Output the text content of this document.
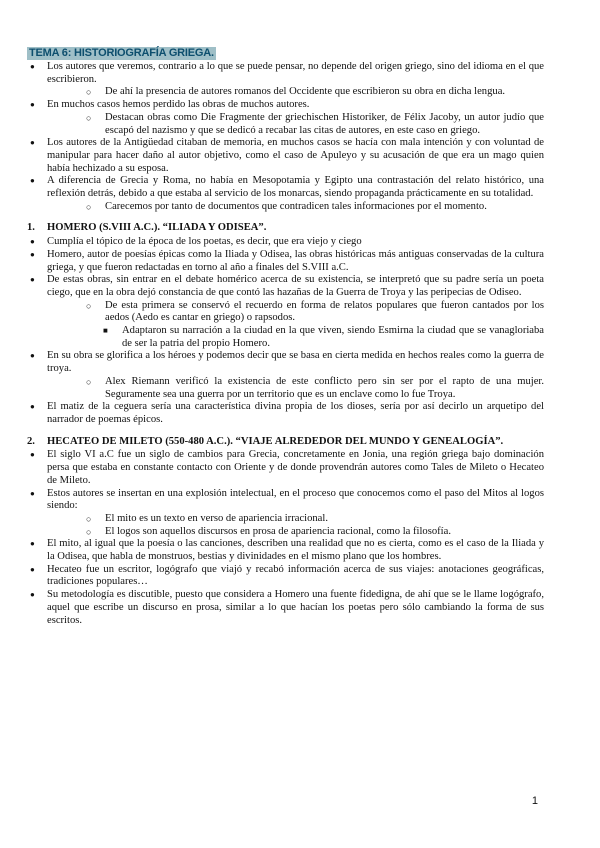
TEMA 6: HISTORIOGRAFÍA GRIEGA.
● Los autores que veremos, contrario a lo que se puede pensar, no depende del origen griego, sino del idioma en el que escribieron.
○ De ahí la presencia de autores romanos del Occidente que escribieron su obra en dicha lengua.
● En muchos casos hemos perdido las obras de muchos autores.
○ Destacan obras como Die Fragmente der griechischen Historiker, de Félix Jacoby, un autor judío que escapó del nazismo y que se dedicó a recabar las citas de autores, en este caso en griego.
● Los autores de la Antigüedad citaban de memoria, en muchos casos se hacía con mala intención y con voluntad de manipular para hacer daño al autor objetivo, como el caso de Apuleyo y su acusación de que era un mago quien había hechizado a su esposa.
● A diferencia de Grecia y Roma, no había en Mesopotamia y Egipto una contrastación del relato histórico, una reflexión detrás, debido a que estaba al servicio de los monarcas, siendo propaganda prácticamente en su totalidad.
○ Carecemos por tanto de documentos que contradicen tales informaciones por el momento.
1. HOMERO (S.VIII A.C.). “ILIADA Y ODISEA”.
● Cumplía el tópico de la época de los poetas, es decir, que era viejo y ciego
● Homero, autor de poesías épicas como la Iliada y Odisea, las obras históricas más antiguas conservadas de la cultura griega, y que fueron redactadas en torno al año a finales del S.VIII a.C.
● De estas obras, sin entrar en el debate homérico acerca de su existencia, se interpretó que su padre sería un poeta ciego, que en la obra dejó constancia de que contó las hazañas de la Guerra de Troya y las peripecias de Odiseo.
○ De esta primera se conservó el recuerdo en forma de relatos populares que fueron cantados por los aedos (Aedo es cantar en griego) o rapsodos.
■ Adaptaron su narración a la ciudad en la que viven, siendo Esmirna la ciudad que se vanagloriaba de ser la patria del propio Homero.
● En su obra se glorifica a los héroes y podemos decir que se basa en cierta medida en hechos reales como la guerra de troya.
○ Alex Riemann verificó la existencia de este conflicto pero sin ser por el rapto de una mujer. Seguramente sea una guerra por un territorio que es un enclave como lo fue Troya.
● El matiz de la ceguera sería una característica divina propia de los dioses, sería por así decirlo un arquetipo del narrador de poemas épicos.
2. HECATEO DE MILETO (550-480 A.C.). “VIAJE ALREDEDOR DEL MUNDO Y GENEALOGÍA”.
● El siglo VI a.C fue un siglo de cambios para Grecia, concretamente en Jonia, una región griega bajo dominación persa que estaba en constante contacto con Oriente y de donde provendrán autores como Tales de Mileto o Hecateo de Mileto.
● Estos autores se insertan en una explosión intelectual, en el proceso que conocemos como el paso del Mitos al logos siendo:
○ El mito es un texto en verso de apariencia irracional.
○ El logos son aquellos discursos en prosa de apariencia racional, como la filosofía.
● El mito, al igual que la poesía o las canciones, describen una realidad que no es cierta, como es el caso de la Iliada y la Odisea, que habla de monstruos, bestias y divinidades en el mismo plano que los hombres.
● Hecateo fue un escritor, logógrafo que viajó y recabó información acerca de sus viajes: anotaciones geográficas, tradiciones populares…
● Su metodología es discutible, puesto que considera a Homero una fuente fidedigna, de ahí que se le llame logógrafo, aquel que escribe un discurso en prosa, similar a lo que hacían los poetas pero sólo cambiando la forma de sus escritos.
1
